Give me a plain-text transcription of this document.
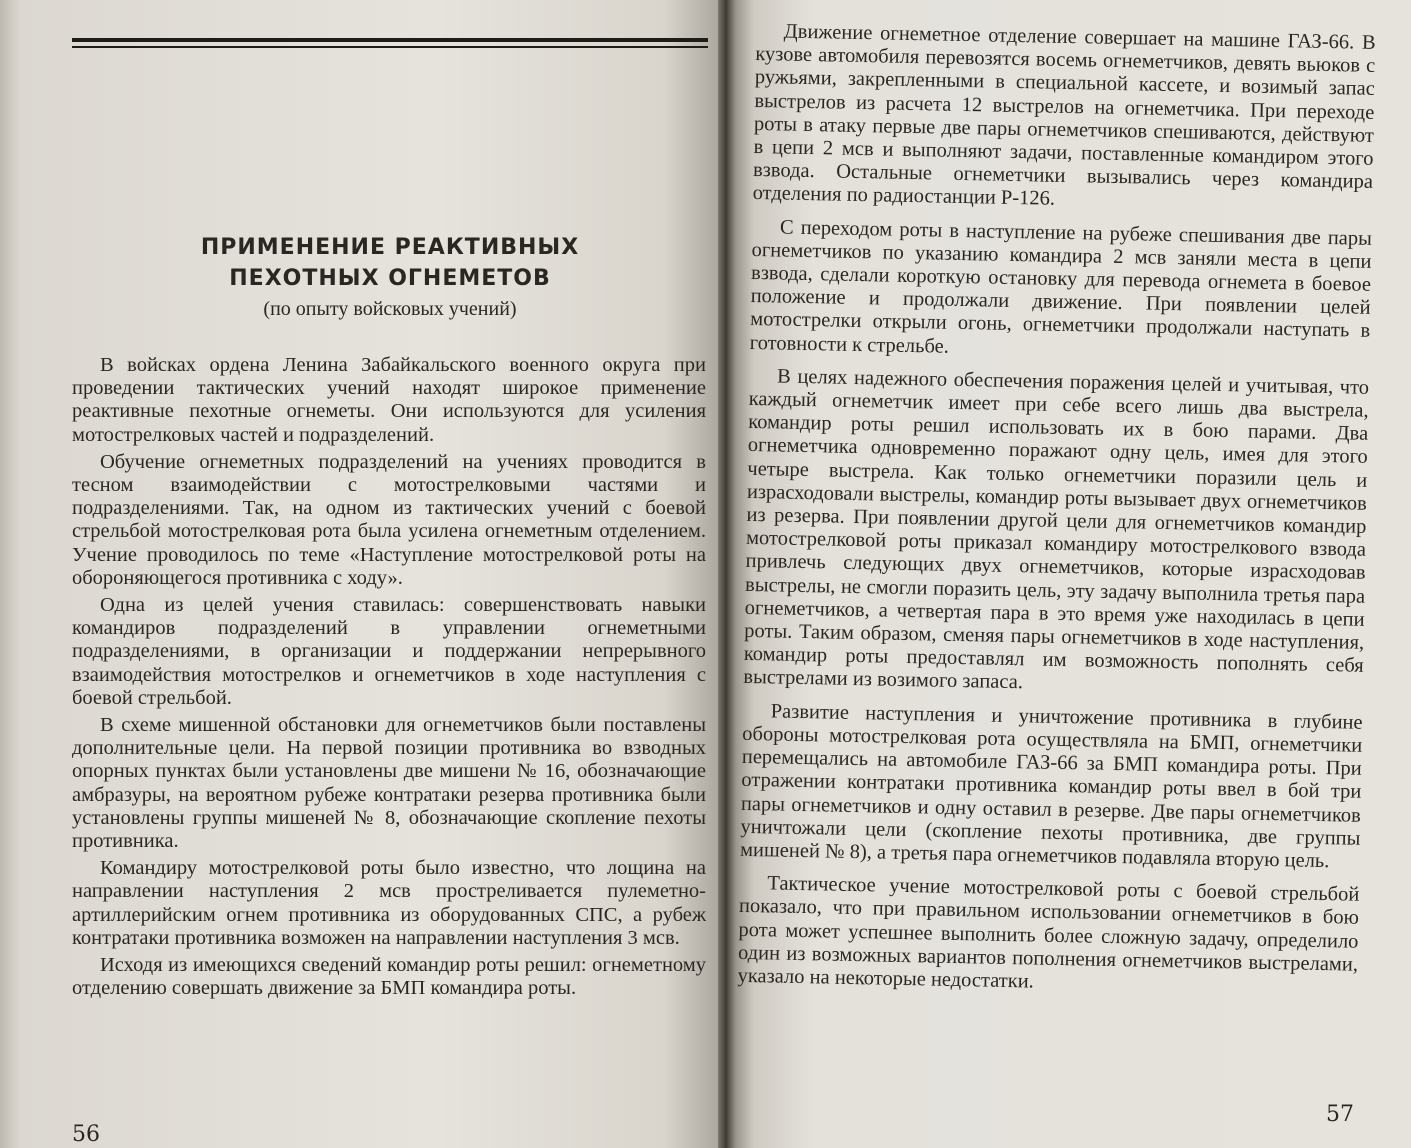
ПРИМЕНЕНИЕ РЕАКТИВНЫХ
ПЕХОТНЫХ ОГНЕМЕТОВ

(по опыту войсковых учений)

В войсках ордена Ленина Забайкальского военного округа при проведении тактических учений находят широкое применение реактивные пехотные огнеметы. Они используются для усиления мотострелковых частей и подразделений.

Обучение огнеметных подразделений на учениях проводится в тесном взаимодействии с мотострелковыми частями и подразделениями. Так, на одном из тактических учений с боевой стрельбой мотострелковая рота была усилена огнеметным отделением. Учение проводилось по теме «Наступление мотострелковой роты на обороняющегося противника с ходу».

Одна из целей учения ставилась: совершенствовать навыки командиров подразделений в управлении огнеметными подразделениями, в организации и поддержании непрерывного взаимодействия мотострелков и огнеметчиков в ходе наступления с боевой стрельбой.

В схеме мишенной обстановки для огнеметчиков были поставлены дополнительные цели. На первой позиции противника во взводных опорных пунктах были установлены две мишени № 16, обозначающие амбразуры, на вероятном рубеже контратаки резерва противника были установлены группы мишеней № 8, обозначающие скопление пехоты противника.

Командиру мотострелковой роты было известно, что лощина на направлении наступления 2 мсв простреливается пулеметно-артиллерийским огнем противника из оборудованных СПС, а рубеж контратаки противника возможен на направлении наступления 3 мсв.

Исходя из имеющихся сведений командир роты решил: огнеметному отделению совершать движение за БМП командира роты.

56

Движение огнеметное отделение совершает на машине ГАЗ-66. В кузове автомобиля перевозятся восемь огнеметчиков, девять вьюков с ружьями, закрепленными в специальной кассете, и возимый запас выстрелов из расчета 12 выстрелов на огнеметчика. При переходе роты в атаку первые две пары огнеметчиков спешиваются, действуют в цепи 2 мсв и выполняют задачи, поставленные командиром этого взвода. Остальные огнеметчики вызывались через командира отделения по радиостанции Р-126.

С переходом роты в наступление на рубеже спешивания две пары огнеметчиков по указанию командира 2 мсв заняли места в цепи взвода, сделали короткую остановку для перевода огнемета в боевое положение и продолжали движение. При появлении целей мотострелки открыли огонь, огнеметчики продолжали наступать в готовности к стрельбе.

В целях надежного обеспечения поражения целей и учитывая, что каждый огнеметчик имеет при себе всего лишь два выстрела, командир роты решил использовать их в бою парами. Два огнеметчика одновременно поражают одну цель, имея для этого четыре выстрела. Как только огнеметчики поразили цель и израсходовали выстрелы, командир роты вызывает двух огнеметчиков из резерва. При появлении другой цели для огнеметчиков командир мотострелковой роты приказал командиру мотострелкового взвода привлечь следующих двух огнеметчиков, которые израсходовав выстрелы, не смогли поразить цель, эту задачу выполнила третья пара огнеметчиков, а четвертая пара в это время уже находилась в цепи роты. Таким образом, сменяя пары огнеметчиков в ходе наступления, командир роты предоставлял им возможность пополнять себя выстрелами из возимого запаса.

Развитие наступления и уничтожение противника в глубине обороны мотострелковая рота осуществляла на БМП, огнеметчики перемещались на автомобиле ГАЗ-66 за БМП командира роты. При отражении контратаки противника командир роты ввел в бой три пары огнеметчиков и одну оставил в резерве. Две пары огнеметчиков уничтожали цели (скопление пехоты противника, две группы мишеней № 8), а третья пара огнеметчиков подавляла вторую цель.

Тактическое учение мотострелковой роты с боевой стрельбой показало, что при правильном использовании огнеметчиков в бою рота может успешнее выполнить более сложную задачу, определило один из возможных вариантов пополнения огнеметчиков выстрелами, указало на некоторые недостатки.

57
